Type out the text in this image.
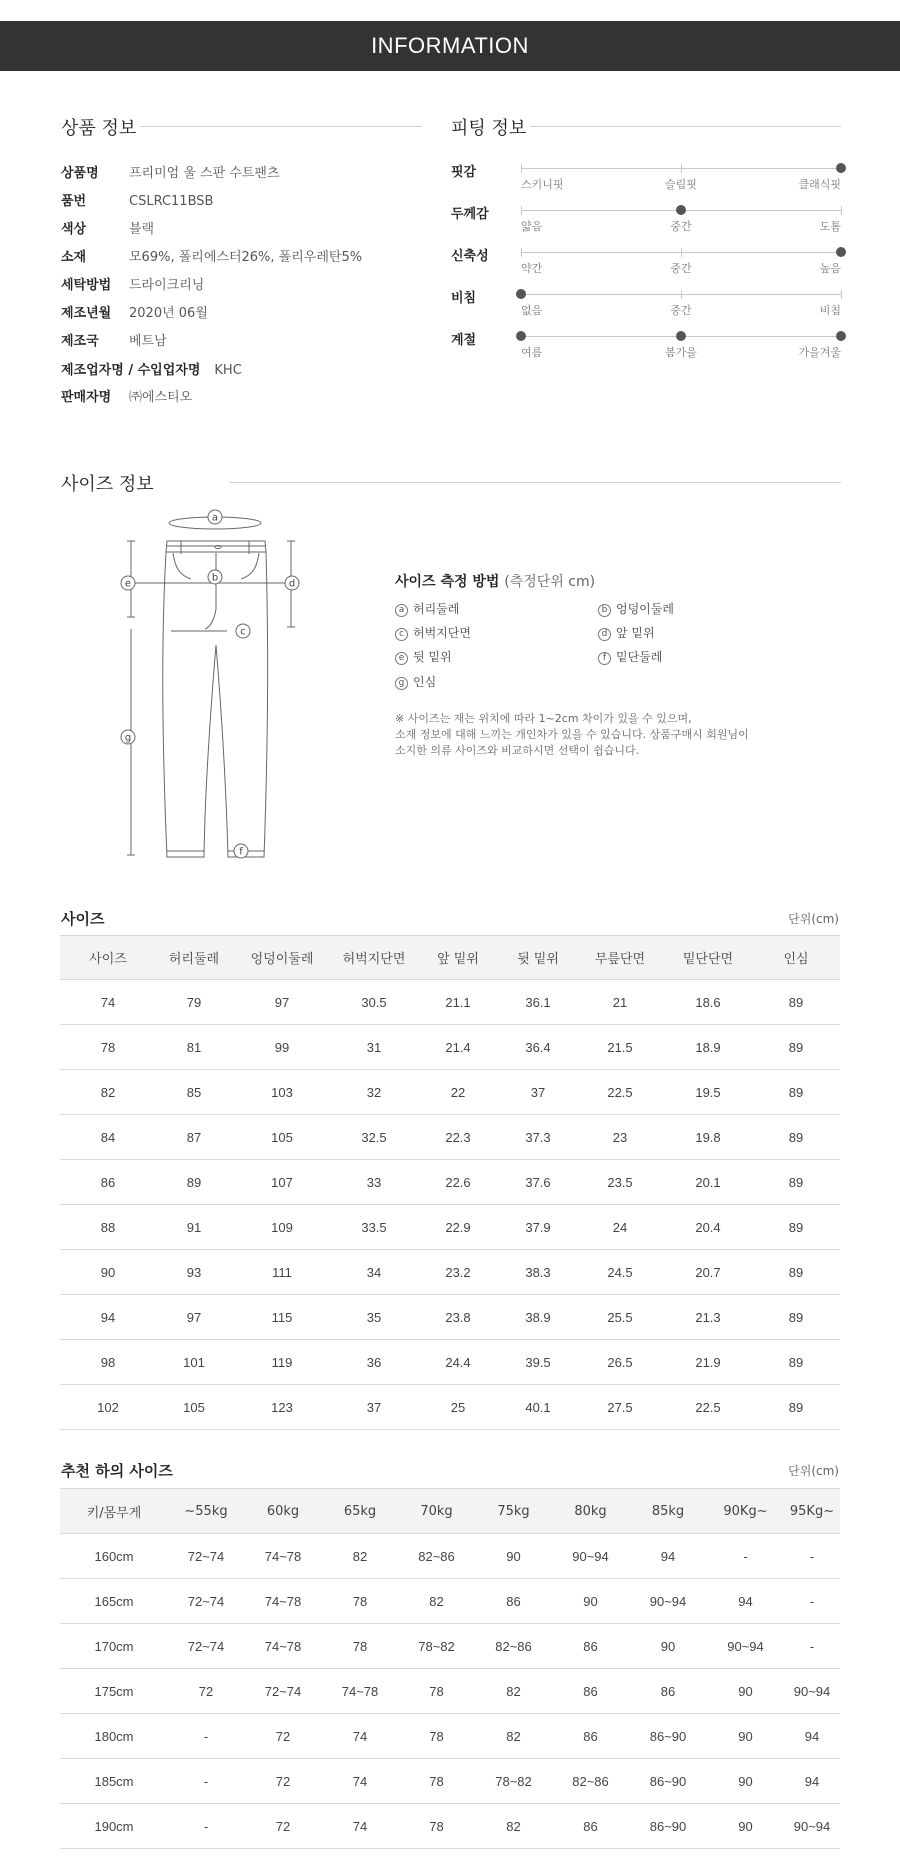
INFORMATION
상품 정보
상품명 프리미엄 울 스판 수트팬츠
품번	CSLRC11BSB
색상	블랙
소재	모69%, 폴리에스터26%, 폴리우레탄5%
세탁방법 드라이크리닝
제조년월 2020년 06월
제조국 베트남
제조업자명 / 수입업자명 KHC
판매자명 ㈜에스티오
피팅 정보
핏감
스키니핏	슬림핏	클래식핏
두께감
얇음	중간	도톰
신축성
약간	중간	높음
비침
없음	중간	비침
계절
여름	봄가을	가을겨울
사이즈 정보
a
b
c
d
e
f
g
사이즈 측정 방법 (측정단위 cm)
a 허리둘레	b 엉덩이둘레
c 허벅지단면	d 앞 밑위
e 뒷 밑위	f 밑단둘레
g 인심
※ 사이즈는 재는 위치에 따라 1~2cm 차이가 있을 수 있으며,
소재 정보에 대해 느끼는 개인차가 있을 수 있습니다. 상품구매시 회원님이
소지한 의류 사이즈와 비교하시면 선택이 쉽습니다.
사이즈	단위(cm)
사이즈	허리둘레	엉덩이둘레	허벅지단면	앞 밑위	뒷 밑위	무릎단면	밑단단면	인심
74	79	97	30.5	21.1	36.1	21	18.6	89
78	81	99	31	21.4	36.4	21.5	18.9	89
82	85	103	32	22	37	22.5	19.5	89
84	87	105	32.5	22.3	37.3	23	19.8	89
86	89	107	33	22.6	37.6	23.5	20.1	89
88	91	109	33.5	22.9	37.9	24	20.4	89
90	93	111	34	23.2	38.3	24.5	20.7	89
94	97	115	35	23.8	38.9	25.5	21.3	89
98	101	119	36	24.4	39.5	26.5	21.9	89
102	105	123	37	25	40.1	27.5	22.5	89
추천 하의 사이즈	단위(cm)
키/몸무게	~55kg	60kg	65kg	70kg	75kg	80kg	85kg	90Kg~	95Kg~
160cm	72~74	74~78	82	82~86	90	90~94	94	-	-
165cm	72~74	74~78	78	82	86	90	90~94	94	-
170cm	72~74	74~78	78	78~82	82~86	86	90	90~94	-
175cm	72	72~74	74~78	78	82	86	86	90	90~94
180cm	-	72	74	78	82	86	86~90	90	94
185cm	-	72	74	78	78~82	82~86	86~90	90	94
190cm	-	72	74	78	82	86	86~90	90	90~94
